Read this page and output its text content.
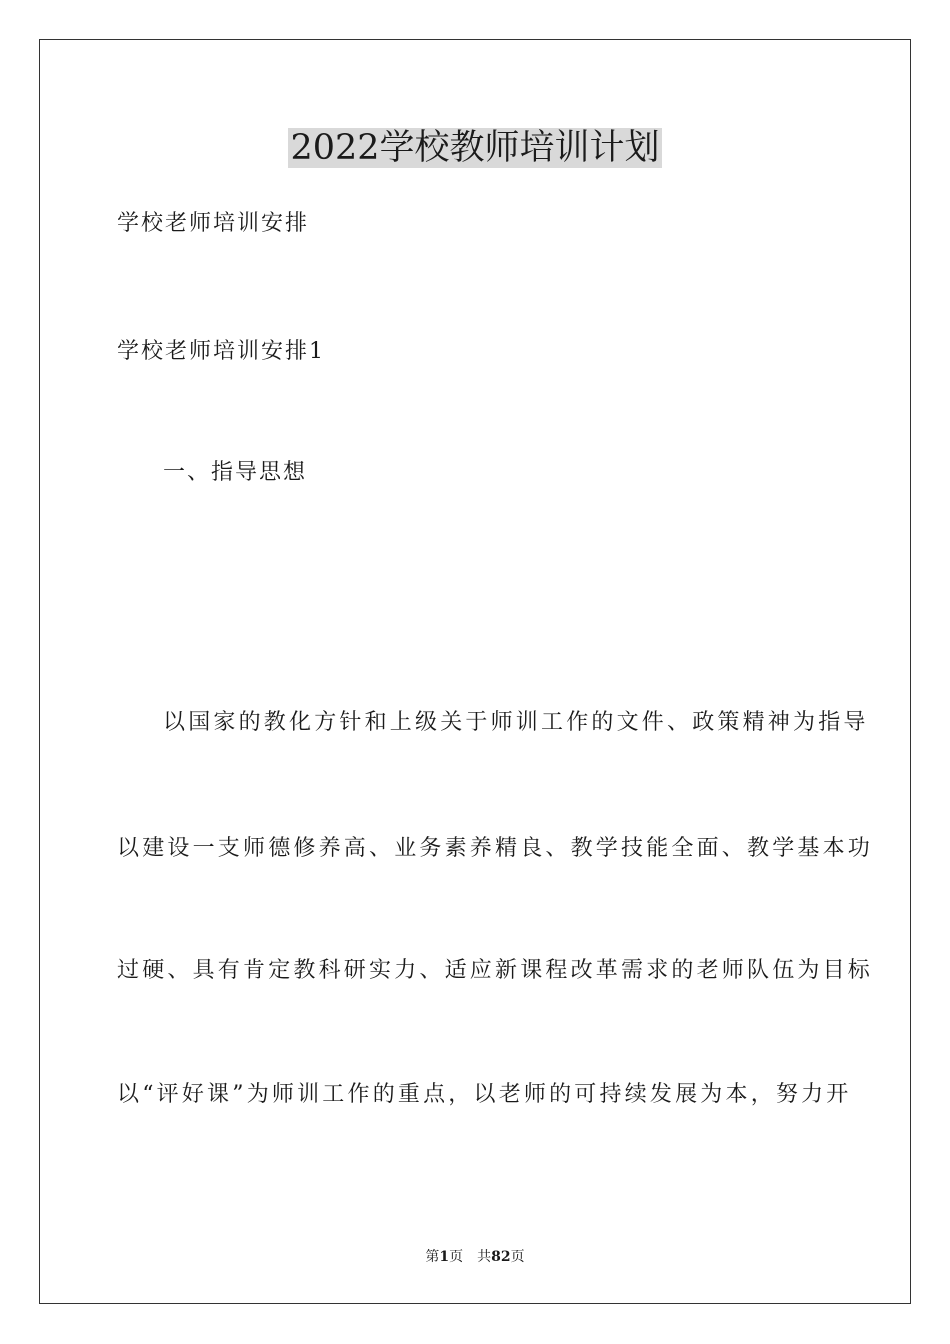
2022学校教师培训计划

学校老师培训安排

学校老师培训安排1

一、指导思想

以国家的教化方针和上级关于师训工作的文件、政策精神为指导

以建设一支师德修养高、业务素养精良、教学技能全面、教学基本功

过硬、具有肯定教科研实力、适应新课程改革需求的老师队伍为目标

以“评好课”为师训工作的重点，以老师的可持续发展为本，努力开

第1页 共82页
